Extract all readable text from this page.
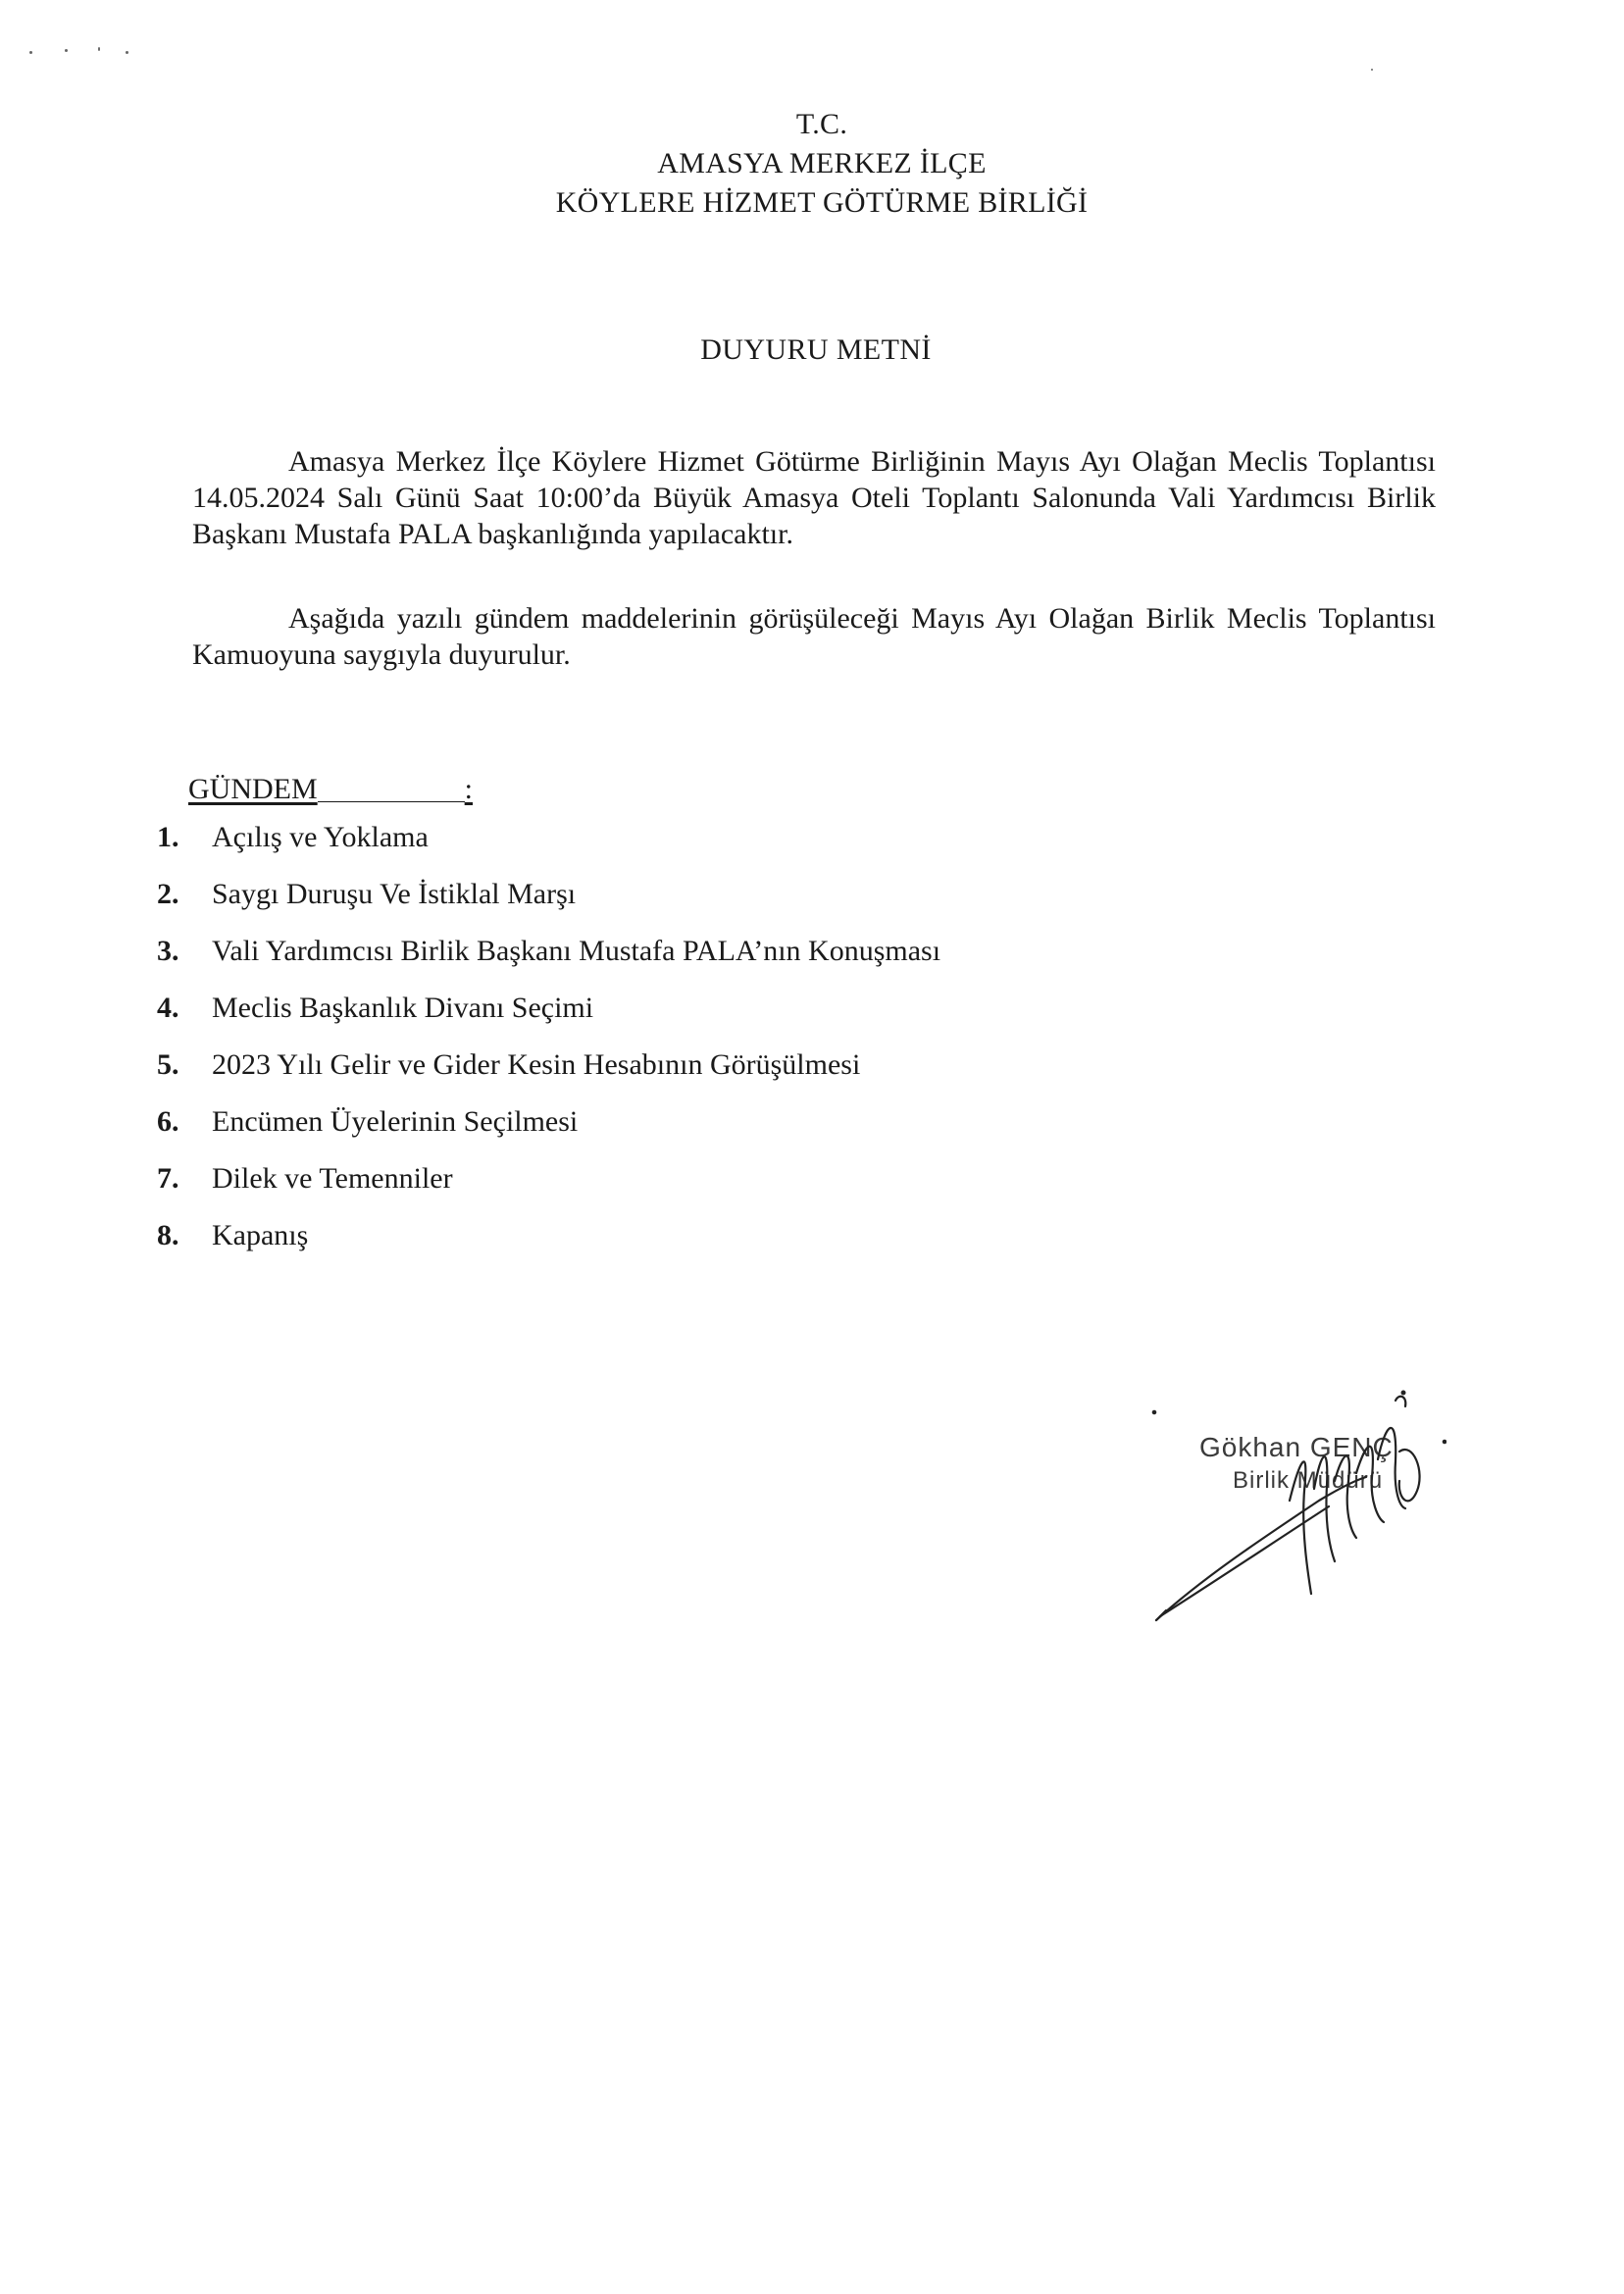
T.C.
AMASYA MERKEZ İLÇE
KÖYLERE HİZMET GÖTÜRME BİRLİĞİ
DUYURU METNİ

Amasya Merkez İlçe Köylere Hizmet Götürme Birliğinin Mayıs Ayı Olağan Meclis Toplantısı 14.05.2024 Salı Günü Saat 10:00’da Büyük Amasya Oteli Toplantı Salonunda Vali Yardımcısı Birlik Başkanı Mustafa PALA başkanlığında yapılacaktır.

Aşağıda yazılı gündem maddelerinin görüşüleceği Mayıs Ayı Olağan Birlik Meclis Toplantısı Kamuoyuna saygıyla duyurulur.

GÜNDEM	:
1.	Açılış ve Yoklama
2.	Saygı Duruşu Ve İstiklal Marşı
3.	Vali Yardımcısı Birlik Başkanı Mustafa PALA’nın Konuşması
4.	Meclis Başkanlık Divanı Seçimi
5.	2023 Yılı Gelir ve Gider Kesin Hesabının Görüşülmesi
6.	Encümen Üyelerinin Seçilmesi
7.	Dilek ve Temenniler
8.	Kapanış
Gökhan GENÇ
Birlik Müdürü
